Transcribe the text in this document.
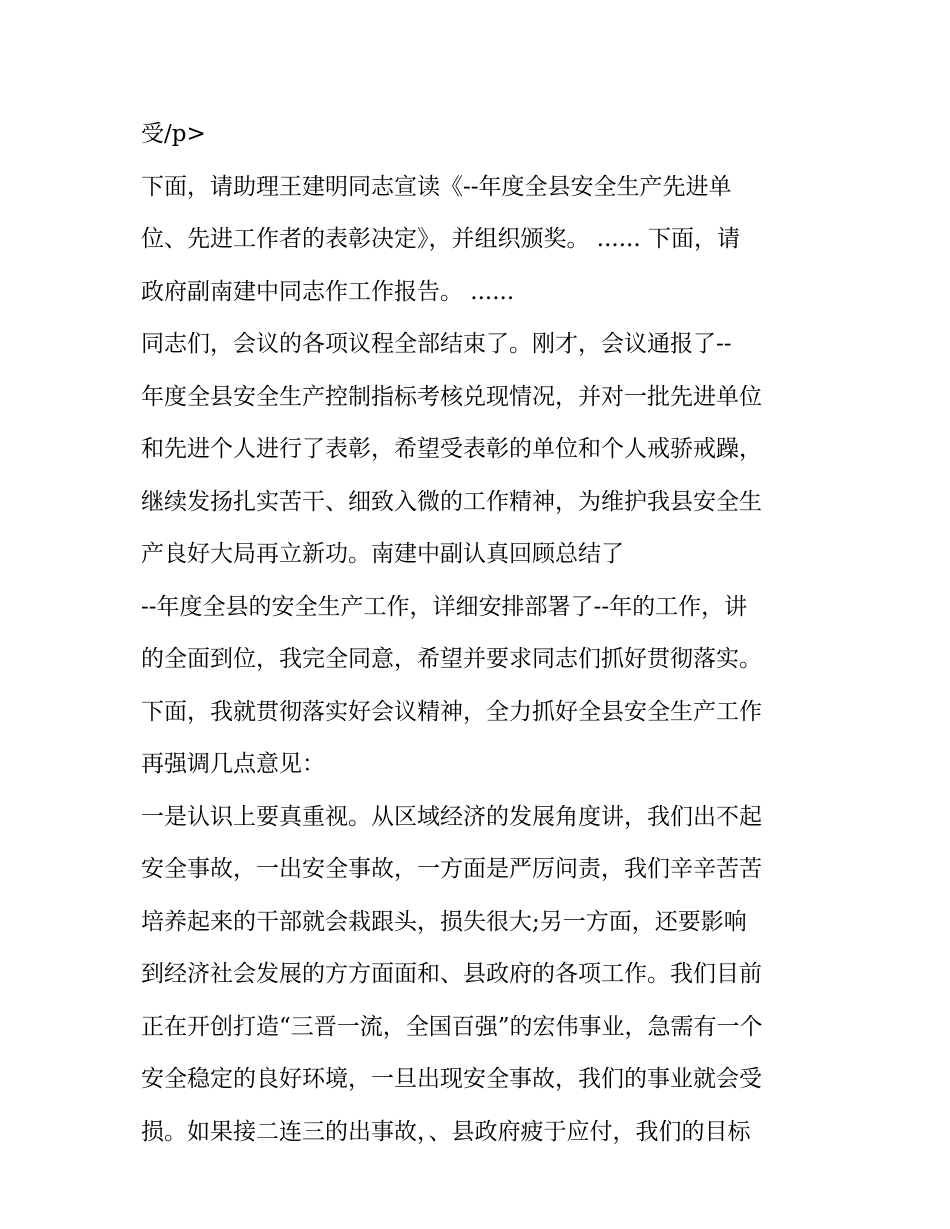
受/p>
下面，请助理王建明同志宣读《--年度全县安全生产先进单
位、先进工作者的表彰决定》，并组织颁奖。 ...... 下面，请
政府副南建中同志作工作报告。 ......
同志们，会议的各项议程全部结束了。刚才，会议通报了--
年度全县安全生产控制指标考核兑现情况，并对一批先进单位
和先进个人进行了表彰，希望受表彰的单位和个人戒骄戒躁，
继续发扬扎实苦干、细致入微的工作精神，为维护我县安全生
产良好大局再立新功。南建中副认真回顾总结了
--年度全县的安全生产工作，详细安排部署了--年的工作，讲
的全面到位，我完全同意，希望并要求同志们抓好贯彻落实。
下面，我就贯彻落实好会议精神，全力抓好全县安全生产工作
再强调几点意见：
一是认识上要真重视。从区域经济的发展角度讲，我们出不起
安全事故，一出安全事故，一方面是严厉问责，我们辛辛苦苦
培养起来的干部就会栽跟头，损失很大;另一方面，还要影响
到经济社会发展的方方面面和、县政府的各项工作。我们目前
正在开创打造“三晋一流，全国百强”的宏伟事业，急需有一个
安全稳定的良好环境，一旦出现安全事故，我们的事业就会受
损。如果接二连三的出事故，、县政府疲于应付，我们的目标
